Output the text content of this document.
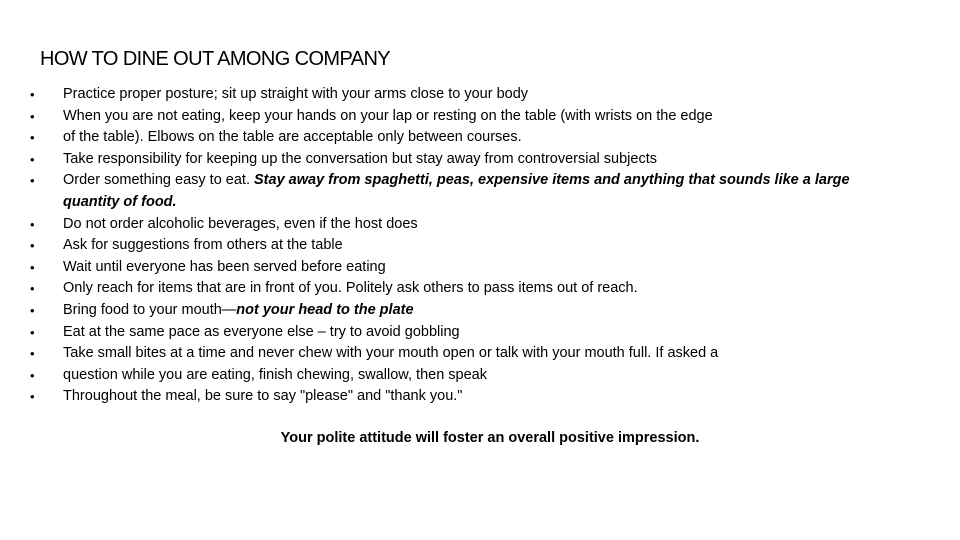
HOW TO DINE OUT AMONG COMPANY
•	Practice proper posture; sit up straight with your arms close to your body
•	When you are not eating, keep your hands on your lap or resting on the table (with wrists on the edge
•	of the table). Elbows on the table are acceptable only between courses.
•	Take responsibility for keeping up the conversation but stay away from controversial subjects
•	Order something easy to eat. Stay away from spaghetti, peas, expensive items and anything that sounds like a large
quantity of food.
•	Do not order alcoholic beverages, even if the host does
•	Ask for suggestions from others at the table
•	Wait until everyone has been served before eating
•	Only reach for items that are in front of you. Politely ask others to pass items out of reach.
•	Bring food to your mouth—not your head to the plate
•	Eat at the same pace as everyone else – try to avoid gobbling
•	Take small bites at a time and never chew with your mouth open or talk with your mouth full. If asked a
•	question while you are eating, finish chewing, swallow, then speak
•	Throughout the meal, be sure to say "please" and "thank you."
Your polite attitude will foster an overall positive impression.
